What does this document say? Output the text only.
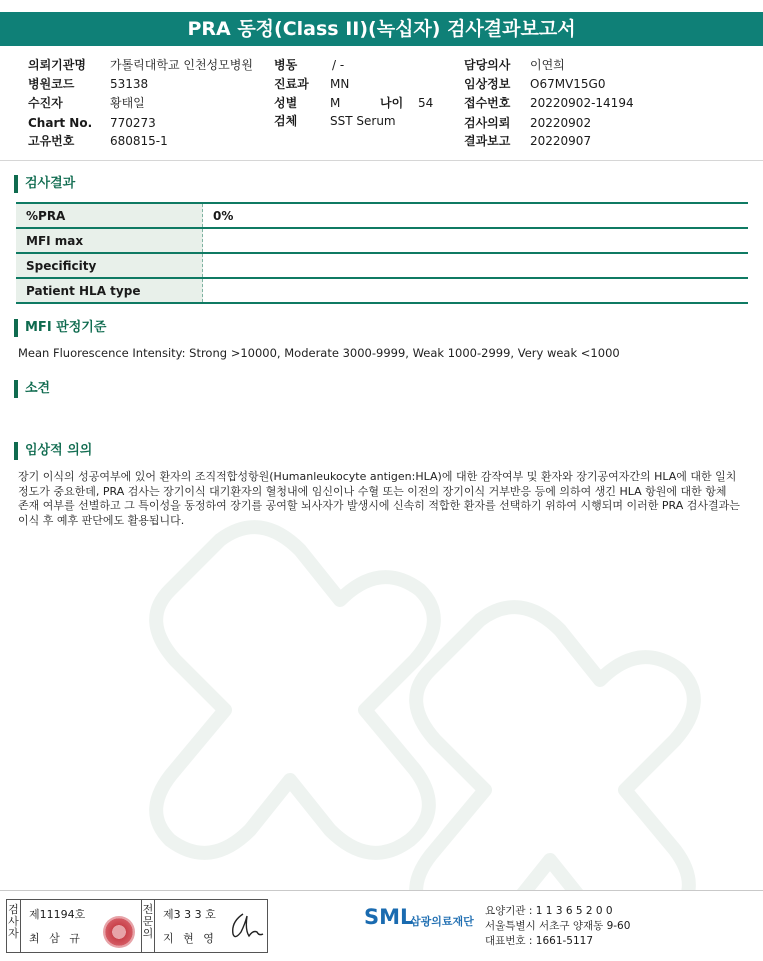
PRA 동정(Class II)(녹십자) 검사결과보고서
의뢰기관명 가톨릭대학교 인천성모병원
병원코드	53138
수진자	황태일
Chart No. 770273
고유번호	680815-1
병동	/ -
진료과 MN
성별	M	나이 54
검체	SST Serum
담당의사 이연희
임상정보 O67MV15G0
접수번호 20220902-14194
검사의뢰 20220902
결과보고 20220907
검사결과
%PRA	0%
MFI max	
Specificity	
Patient HLA type	
MFI 판정기준
Mean Fluorescence Intensity: Strong >10000, Moderate 3000-9999, Weak 1000-2999, Very weak <1000
소견
임상적 의의
장기 이식의 성공여부에 있어 환자의 조직적합성항원(Humanleukocyte antigen:HLA)에 대한 감작여부 및 환자와 장기공여자간의 HLA에 대한 일치
정도가 중요한데, PRA 검사는 장기이식 대기환자의 혈청내에 임신이나 수혈 또는 이전의 장기이식 거부반응 등에 의하여 생긴 HLA 항원에 대한 항체
존재 여부를 선별하고 그 특이성을 동정하여 장기를 공여할 뇌사자가 발생시에 신속히 적합한 환자를 선택하기 위하여 시행되며 이러한 PRA 검사결과는
이식 후 예후 판단에도 활용됩니다.
검
사
자
제11194호
최 삼 규
전
문
의
제3 3 3 호
지 현 영
SML
삼광의료재단
요양기관 : 1 1 3 6 5 2 0 0
서울특별시 서초구 양재동 9-60
대표번호 : 1661-5117
